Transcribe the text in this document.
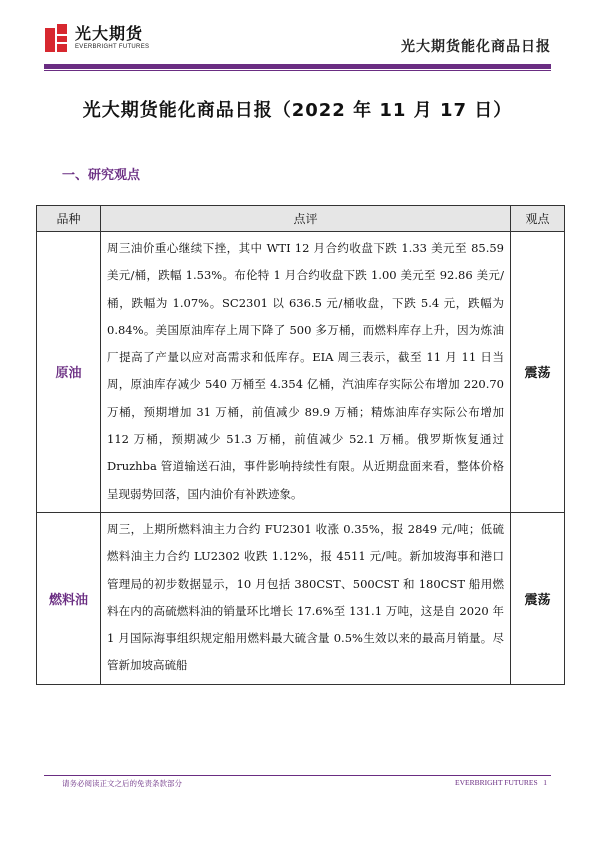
光大期货
EVERBRIGHT FUTURES	光大期货能化商品日报
光大期货能化商品日报（2022 年 11 月 17 日）
一、研究观点
品种	点评	观点
原油	周三油价重心继续下挫，其中 WTI 12 月合约收盘下跌 1.33 美元至 85.59 美元/桶，跌幅 1.53%。布伦特 1 月合约收盘下跌 1.00 美元至 92.86 美元/桶，跌幅为 1.07%。SC2301 以 636.5 元/桶收盘，下跌 5.4 元，跌幅为 0.84%。美国原油库存上周下降了 500 多万桶，而燃料库存上升，因为炼油厂提高了产量以应对高需求和低库存。EIA 周三表示，截至 11 月 11 日当周，原油库存减少 540 万桶至 4.354 亿桶，汽油库存实际公布增加 220.70 万桶，预期增加 31 万桶，前值减少 89.9 万桶；精炼油库存实际公布增加 112 万桶，预期减少 51.3 万桶，前值减少 52.1 万桶。俄罗斯恢复通过 Druzhba 管道输送石油，事件影响持续性有限。从近期盘面来看，整体价格呈现弱势回落，国内油价有补跌迹象。	震荡
燃料油	周三，上期所燃料油主力合约 FU2301 收涨 0.35%，报 2849 元/吨；低硫燃料油主力合约 LU2302 收跌 1.12%，报 4511 元/吨。新加坡海事和港口管理局的初步数据显示，10 月包括 380CST、500CST 和 180CST 船用燃料在内的高硫燃料油的销量环比增长 17.6%至 131.1 万吨，这是自 2020 年 1 月国际海事组织规定船用燃料最大硫含量 0.5%生效以来的最高月销量。尽管新加坡高硫船	震荡
请务必阅读正文之后的免责条款部分	EVERBRIGHT FUTURES 1
